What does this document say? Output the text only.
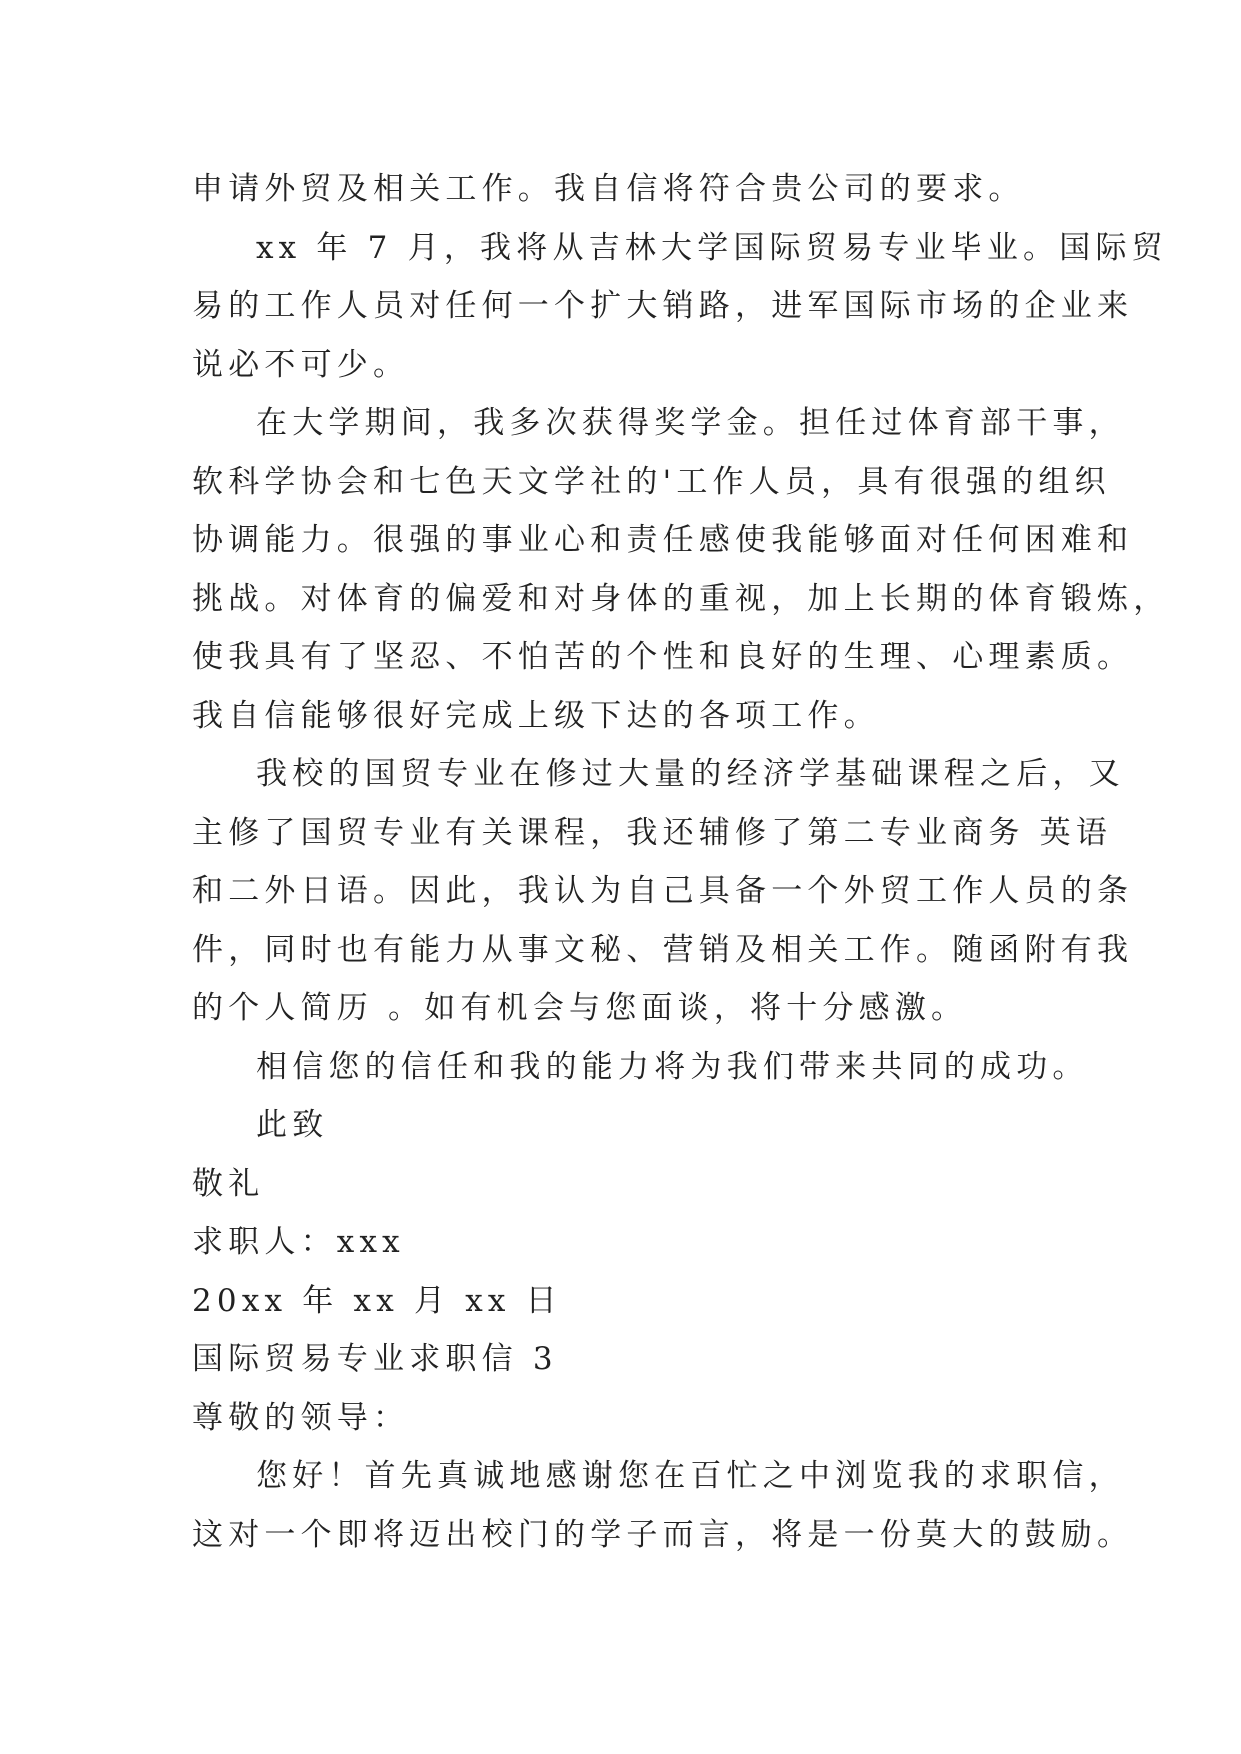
申请外贸及相关工作。我自信将符合贵公司的要求。
xx 年 7 月，我将从吉林大学国际贸易专业毕业。国际贸
易的工作人员对任何一个扩大销路，进军国际市场的企业来
说必不可少。
在大学期间，我多次获得奖学金。担任过体育部干事，
软科学协会和七色天文学社的'工作人员，具有很强的组织
协调能力。很强的事业心和责任感使我能够面对任何困难和
挑战。对体育的偏爱和对身体的重视，加上长期的体育锻炼，
使我具有了坚忍、不怕苦的个性和良好的生理、心理素质。
我自信能够很好完成上级下达的各项工作。
我校的国贸专业在修过大量的经济学基础课程之后，又
主修了国贸专业有关课程，我还辅修了第二专业商务 英语
和二外日语。因此，我认为自己具备一个外贸工作人员的条
件，同时也有能力从事文秘、营销及相关工作。随函附有我
的个人简历 。如有机会与您面谈，将十分感激。
相信您的信任和我的能力将为我们带来共同的成功。
此致
敬礼
求职人：xxx
20xx 年 xx 月 xx 日
国际贸易专业求职信 3
尊敬的领导：
您好！首先真诚地感谢您在百忙之中浏览我的求职信，
这对一个即将迈出校门的学子而言，将是一份莫大的鼓励。
